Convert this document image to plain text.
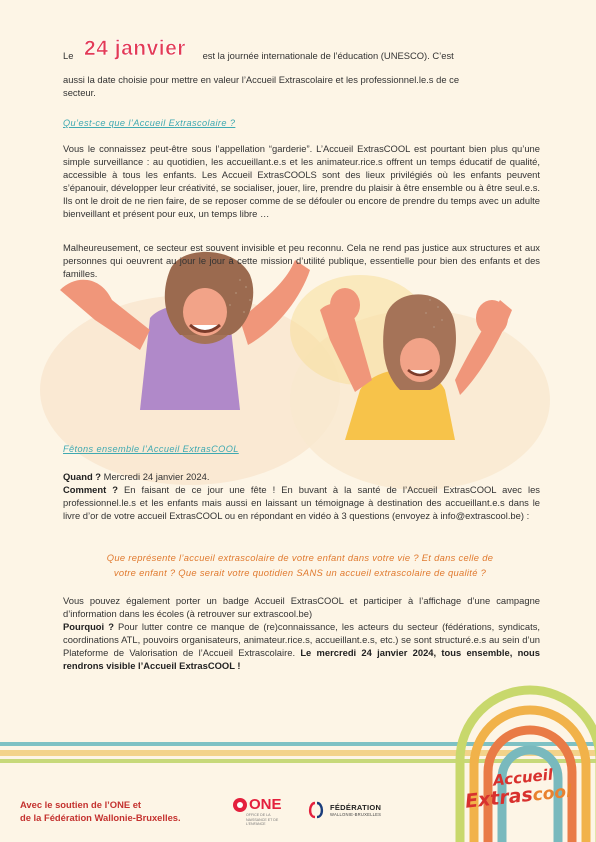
Le 24 janvier est la journée internationale de l’éducation (UNESCO). C’est
aussi la date choisie pour mettre en valeur l’Accueil Extrascolaire et les professionnel.le.s de ce
secteur.
Qu’est-ce que l’Accueil Extrascolaire ?

Vous le connaissez peut-être sous l’appellation “garderie”. L’Accueil ExtrasCOOL est pourtant bien plus qu’une simple surveillance : au quotidien, les accueillant.e.s et les animateur.rice.s offrent un temps éducatif de qualité, accessible à tous les enfants. Les Accueil ExtrasCOOLS sont des lieux privilégiés où les enfants peuvent s’épanouir, développer leur créativité, se socialiser, jouer, lire, prendre du plaisir à être ensemble ou à être seul.e.s. Ils ont le droit de ne rien faire, de se reposer comme de se défouler ou encore de prendre du temps avec un adulte bienveillant et présent pour eux, un temps libre …

Malheureusement, ce secteur est souvent invisible et peu reconnu. Cela ne rend pas justice aux structures et aux personnes qui oeuvrent au jour le jour à cette mission d’utilité publique, essentielle pour bien des enfants et des familles.

Fêtons ensemble l’Accueil ExtrasCOOL

Quand ? Mercredi 24 janvier 2024.

Comment ? En faisant de ce jour une fête ! En buvant à la santé de l’Accueil ExtrasCOOL avec les professionnel.le.s et les enfants mais aussi en laissant un témoignage à destination des accueillant.e.s dans le livre d’or de votre accueil ExtrasCOOL ou en répondant en vidéo à 3 questions (envoyez à info@extrascool.be) :

Que représente l’accueil extrascolaire de votre enfant dans votre vie ? Et dans celle de
votre enfant ? Que serait votre quotidien SANS un accueil extrascolaire de qualité ?

Vous pouvez également porter un badge Accueil ExtrasCOOL et participer à l’affichage d’une campagne d’information dans les écoles (à retrouver sur extrascool.be)

Pourquoi ? Pour lutter contre ce manque de (re)connaissance, les acteurs du secteur (fédérations, syndicats, coordinations ATL, pouvoirs organisateurs, animateur.rice.s, accueillant.e.s, etc.) se sont structuré.e.s au sein d’un Plateforme de Valorisation de l’Accueil Extrascolaire. Le mercredi 24 janvier 2024, tous ensemble, nous rendrons visible l’Accueil ExtrasCOOL !

Avec le soutien de l’ONE et
de la Fédération Wallonie-Bruxelles.
ONE
OFFICE DE LA NAISSANCE ET DE L’ENFANCE
FÉDÉRATION
WALLONIE-BRUXELLES
Accueil
Extrascool
